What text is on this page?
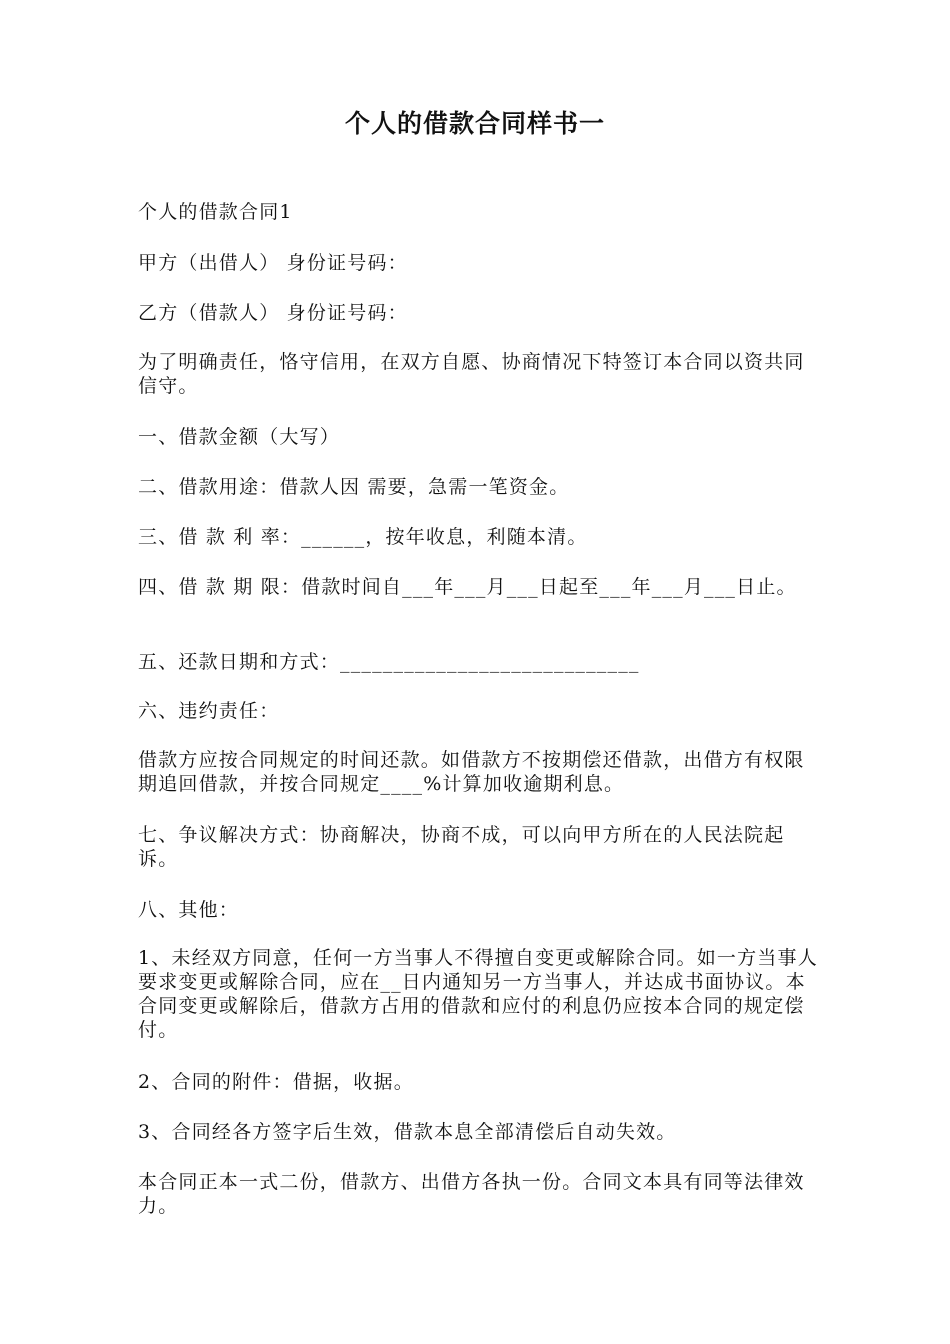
个人的借款合同样书一

个人的借款合同1

甲方（出借人） 身份证号码：

乙方（借款人） 身份证号码：

为了明确责任，恪守信用，在双方自愿、协商情况下特签订本合同以资共同信守。

一、借款金额（大写）

二、借款用途：借款人因 需要，急需一笔资金。

三、借 款 利 率：______，按年收息，利随本清。

四、借 款 期 限：借款时间自___年___月___日起至___年___月___日止。

五、还款日期和方式：____________________________

六、违约责任：

借款方应按合同规定的时间还款。如借款方不按期偿还借款，出借方有权限期追回借款，并按合同规定____%计算加收逾期利息。

七、争议解决方式：协商解决，协商不成，可以向甲方所在的人民法院起诉。

八、其他：

1、未经双方同意，任何一方当事人不得擅自变更或解除合同。如一方当事人要求变更或解除合同，应在__日内通知另一方当事人，并达成书面协议。本合同变更或解除后，借款方占用的借款和应付的利息仍应按本合同的规定偿付。

2、合同的附件：借据，收据。

3、合同经各方签字后生效，借款本息全部清偿后自动失效。

本合同正本一式二份，借款方、出借方各执一份。合同文本具有同等法律效力。
